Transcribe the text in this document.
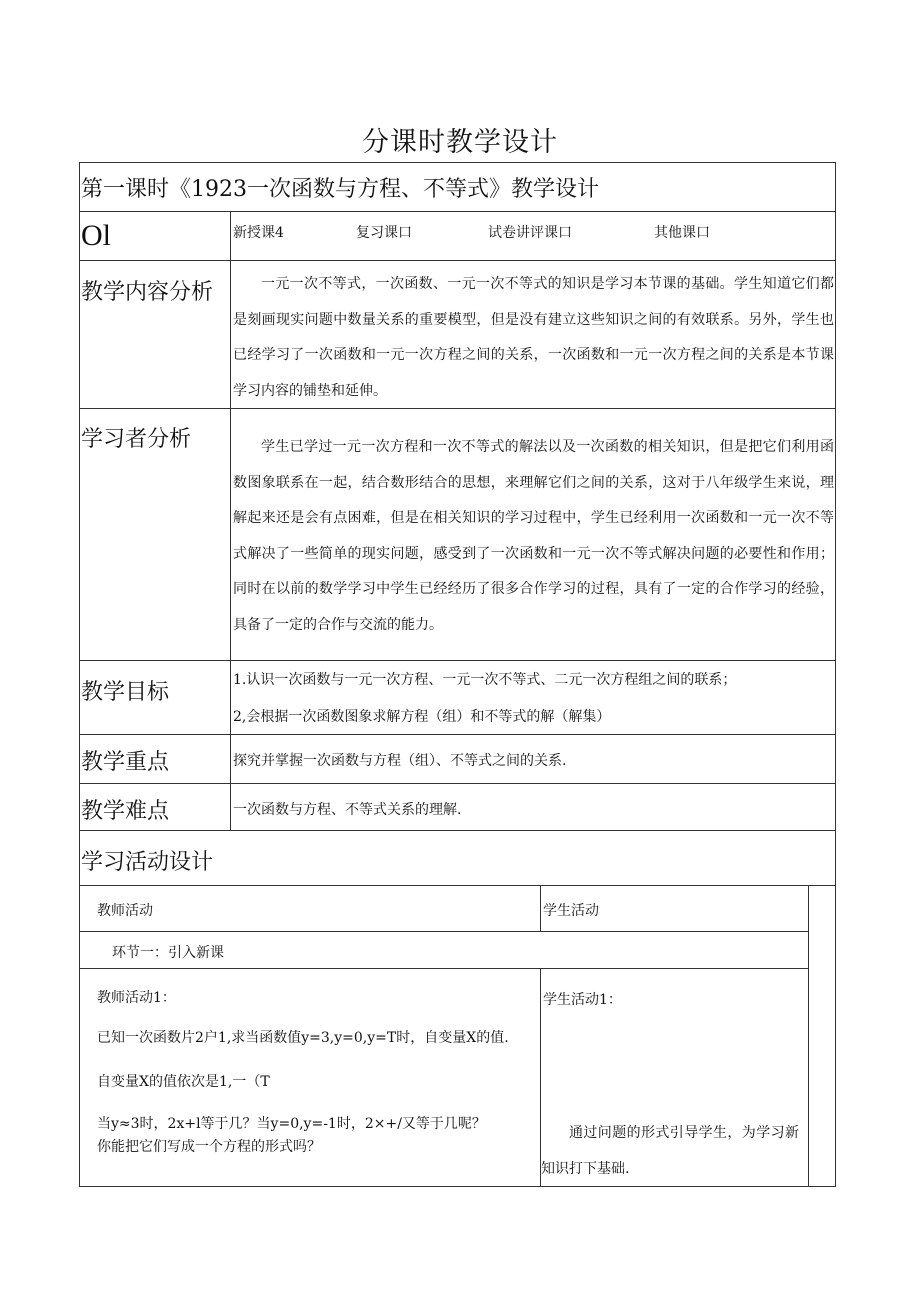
分课时教学设计
第一课时《1923一次函数与方程、不等式》教学设计
Ol	新授课4	复习课口	试卷讲评课口	其他课口
教学内容分析	一元一次不等式，一次函数、一元一次不等式的知识是学习本节课的基础。学生知道它们都是刻画现实问题中数量关系的重要模型，但是没有建立这些知识之间的有效联系。另外，学生也已经学习了一次函数和一元一次方程之间的关系，一次函数和一元一次方程之间的关系是本节课学习内容的铺垫和延伸。
学习者分析	学生已学过一元一次方程和一次不等式的解法以及一次函数的相关知识，但是把它们利用函数图象联系在一起，结合数形结合的思想，来理解它们之间的关系，这对于八年级学生来说，理解起来还是会有点困难，但是在相关知识的学习过程中，学生已经利用一次函数和一元一次不等式解决了一些简单的现实问题，感受到了一次函数和一元一次不等式解决问题的必要性和作用；同时在以前的数学学习中学生已经经历了很多合作学习的过程，具有了一定的合作学习的经验，具备了一定的合作与交流的能力。
教学目标	1.认识一次函数与一元一次方程、一元一次不等式、二元一次方程组之间的联系；
2,会根据一次函数图象求解方程（组）和不等式的解（解集）
教学重点	探究并掌握一次函数与方程（组）、不等式之间的关系.
教学难点	一次函数与方程、不等式关系的理解.
学习活动设计
教师活动	学生活动
环节一：引入新课
教师活动1：
已知一次函数片2户1,求当函数值y=3,y=0,y=T时，自变量X的值.
自变量X的值依次是1,一（T
当y≈3时，2x+l等于几？当y=0,y=-1时，2×+/又等于几呢？
你能把它们写成一个方程的形式吗？
学生活动1：
通过问题的形式引导学生，为学习新知识打下基础.
